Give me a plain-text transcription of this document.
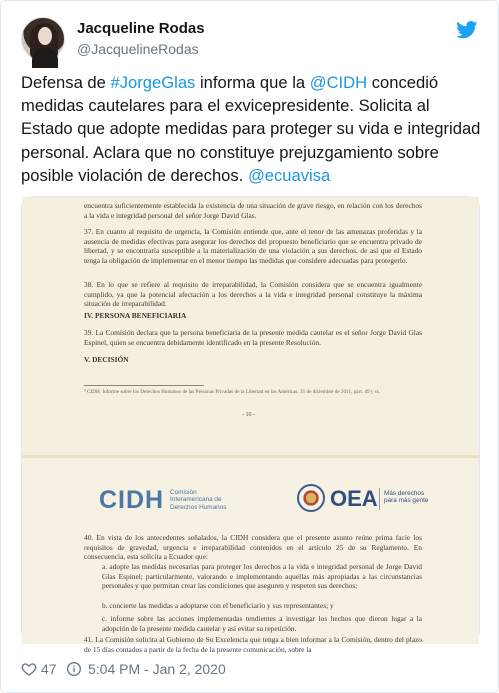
Jacqueline Rodas
@JacquelineRodas
Defensa de #JorgeGlas informa que la @CIDH concedió medidas cautelares para el exvicepresidente. Solicita al Estado que adopte medidas para proteger su vida e integridad personal. Aclara que no constituye prejuzgamiento sobre posible violación de derechos. @ecuavisa
encuentra suficientemente establecida la existencia de una situación de grave riesgo, en relación con los derechos a la vida e integridad personal del señor Jorge David Glas.
37. En cuanto al requisito de urgencia, la Comisión entiende que, ante el tenor de las amenazas proferidas y la ausencia de medidas efectivas para asegurar los derechos del propuesto beneficiario que se encuentra privado de libertad, y se encontraría susceptible a la materialización de una violación a sus derechos, de así que el Estado tenga la obligación de implementar en el menor tiempo las medidas que considere adecuadas para protegerlo.
38. En lo que se refiere al requisito de irreparabilidad, la Comisión considera que se encuentra igualmente cumplido, ya que la potencial afectación a los derechos a la vida e integridad personal constituye la máxima situación de irreparabilidad.
IV. PERSONA BENEFICIARIA
39. La Comisión declara que la persona beneficiaria de la presente medida cautelar es el señor Jorge David Glas Espinel, quien se encuentra debidamente identificado en la presente Resolución.
V. DECISIÓN
⁹ CIDH, Informe sobre los Derechos Humanos de las Personas Privadas de la Libertad en las Américas, 31 de diciembre de 2011, párr. 49 y ss.
- 10 -
CIDH Comisión
Interamericana de
Derechos Humanos	OEA Más derechos
para más gente
40. En vista de los antecedentes señalados, la CIDH considera que el presente asunto reúne prima facie los requisitos de gravedad, urgencia e irreparabilidad contenidos en el artículo 25 de su Reglamento. En consecuencia, esta solicita a Ecuador que:
a. adopte las medidas necesarias para proteger los derechos a la vida e integridad personal de Jorge David Glas Espinel; particularmente, valorando e implementando aquellas más apropiadas a las circunstancias personales y que permitan crear las condiciones que aseguren y respeten sus derechos;
b. concierte las medidas a adoptarse con el beneficiario y sus representantes; y
c. informe sobre las acciones implementadas tendientes a investigar los hechos que dieron lugar a la adopción de la presente medida cautelar y así evitar su repetición.
41. La Comisión solicita al Gobierno de Su Excelencia que tenga a bien informar a la Comisión, dentro del plazo de 15 días contados a partir de la fecha de la presente comunicación, sobre la
47 5:04 PM - Jan 2, 2020
